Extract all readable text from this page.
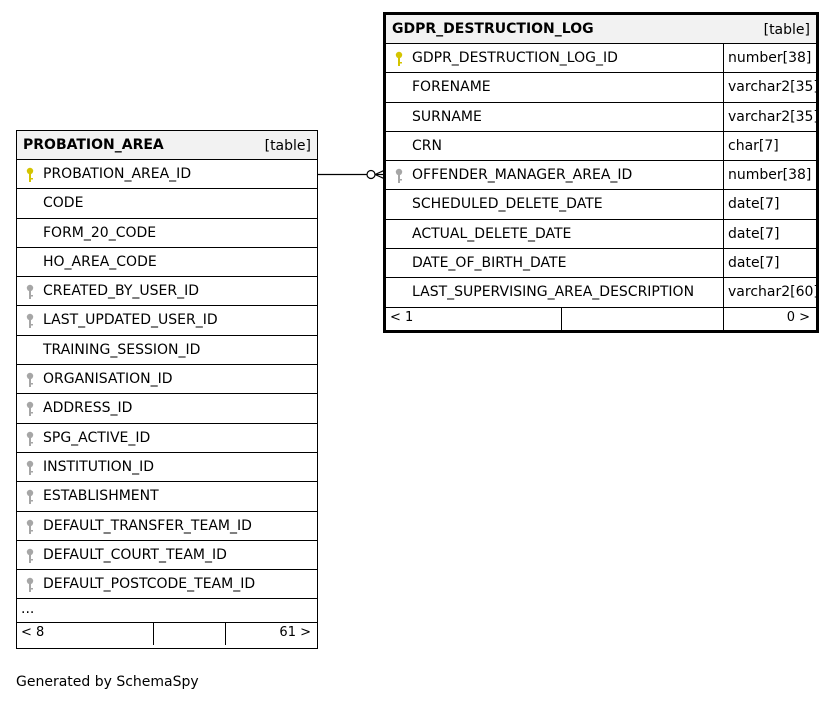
PROBATION_AREA	[table]
PROBATION_AREA_ID
CODE
FORM_20_CODE
HO_AREA_CODE
CREATED_BY_USER_ID
LAST_UPDATED_USER_ID
TRAINING_SESSION_ID
ORGANISATION_ID
ADDRESS_ID
SPG_ACTIVE_ID
INSTITUTION_ID
ESTABLISHMENT
DEFAULT_TRANSFER_TEAM_ID
DEFAULT_COURT_TEAM_ID
DEFAULT_POSTCODE_TEAM_ID
...
< 8	61 >
GDPR_DESTRUCTION_LOG	[table]
GDPR_DESTRUCTION_LOG_ID	number[38]
FORENAME	varchar2[35]
SURNAME	varchar2[35]
CRN	char[7]
OFFENDER_MANAGER_AREA_ID	number[38]
SCHEDULED_DELETE_DATE	date[7]
ACTUAL_DELETE_DATE	date[7]
DATE_OF_BIRTH_DATE	date[7]
LAST_SUPERVISING_AREA_DESCRIPTION varchar2[60]
< 1	0 >
Generated by SchemaSpy
